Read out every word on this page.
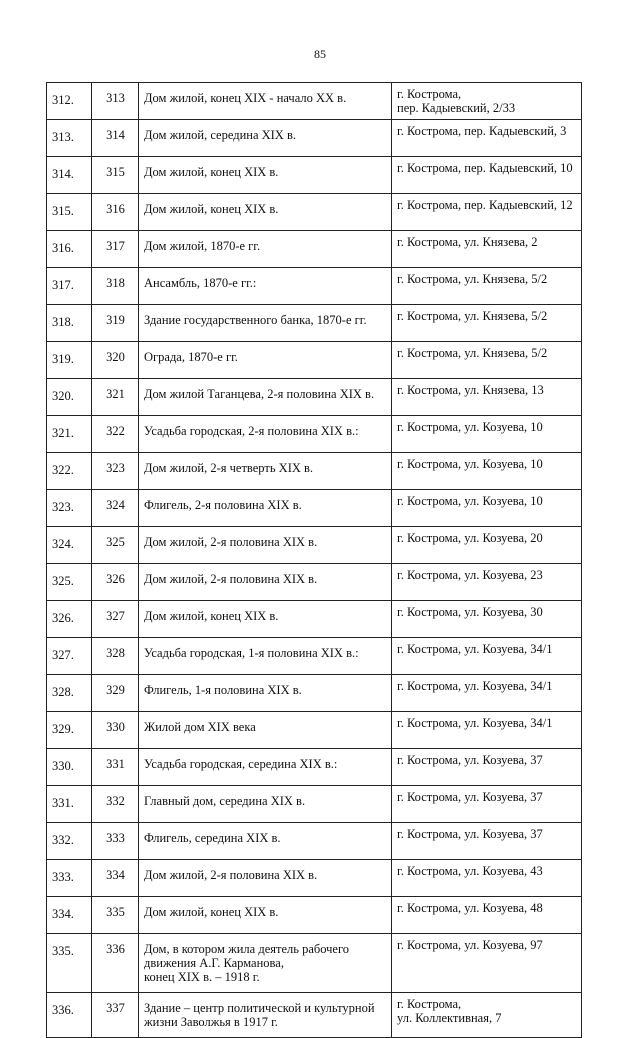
85
312.	313	Дом жилой, конец XIX - начало XX в.	г. Кострома,
пер. Кадыевский, 2/33
313.	314	Дом жилой, середина XIX в.	г. Кострома, пер. Кадыевский, 3
314.	315	Дом жилой, конец XIX в.	г. Кострома, пер. Кадыевский, 10
315.	316	Дом жилой, конец XIX в.	г. Кострома, пер. Кадыевский, 12
316.	317	Дом жилой, 1870-е гг.	г. Кострома, ул. Князева, 2
317.	318	Ансамбль, 1870-е гг.:	г. Кострома, ул. Князева, 5/2
318.	319	Здание государственного банка, 1870-е гг.	г. Кострома, ул. Князева, 5/2
319.	320	Ограда, 1870-е гг.	г. Кострома, ул. Князева, 5/2
320.	321	Дом жилой Таганцева, 2-я половина XIX в.	г. Кострома, ул. Князева, 13
321.	322	Усадьба городская, 2-я половина XIX в.:	г. Кострома, ул. Козуева, 10
322.	323	Дом жилой, 2-я четверть XIX в.	г. Кострома, ул. Козуева, 10
323.	324	Флигель, 2-я половина XIX в.	г. Кострома, ул. Козуева, 10
324.	325	Дом жилой, 2-я половина XIX в.	г. Кострома, ул. Козуева, 20
325.	326	Дом жилой, 2-я половина XIX в.	г. Кострома, ул. Козуева, 23
326.	327	Дом жилой, конец XIX в.	г. Кострома, ул. Козуева, 30
327.	328	Усадьба городская, 1-я половина XIX в.:	г. Кострома, ул. Козуева, 34/1
328.	329	Флигель, 1-я половина XIX в.	г. Кострома, ул. Козуева, 34/1
329.	330	Жилой дом XIX века	г. Кострома, ул. Козуева, 34/1
330.	331	Усадьба городская, середина XIX в.:	г. Кострома, ул. Козуева, 37
331.	332	Главный дом, середина XIX в.	г. Кострома, ул. Козуева, 37
332.	333	Флигель, середина XIX в.	г. Кострома, ул. Козуева, 37
333.	334	Дом жилой, 2-я половина XIX в.	г. Кострома, ул. Козуева, 43
334.	335	Дом жилой, конец XIX в.	г. Кострома, ул. Козуева, 48
335.	336	Дом, в котором жила деятель рабочего
движения А.Г. Карманова,
конец XIX в. – 1918 г.	г. Кострома, ул. Козуева, 97
336.	337	Здание – центр политической и культурной
жизни Заволжья в 1917 г.	г. Кострома,
ул. Коллективная, 7
